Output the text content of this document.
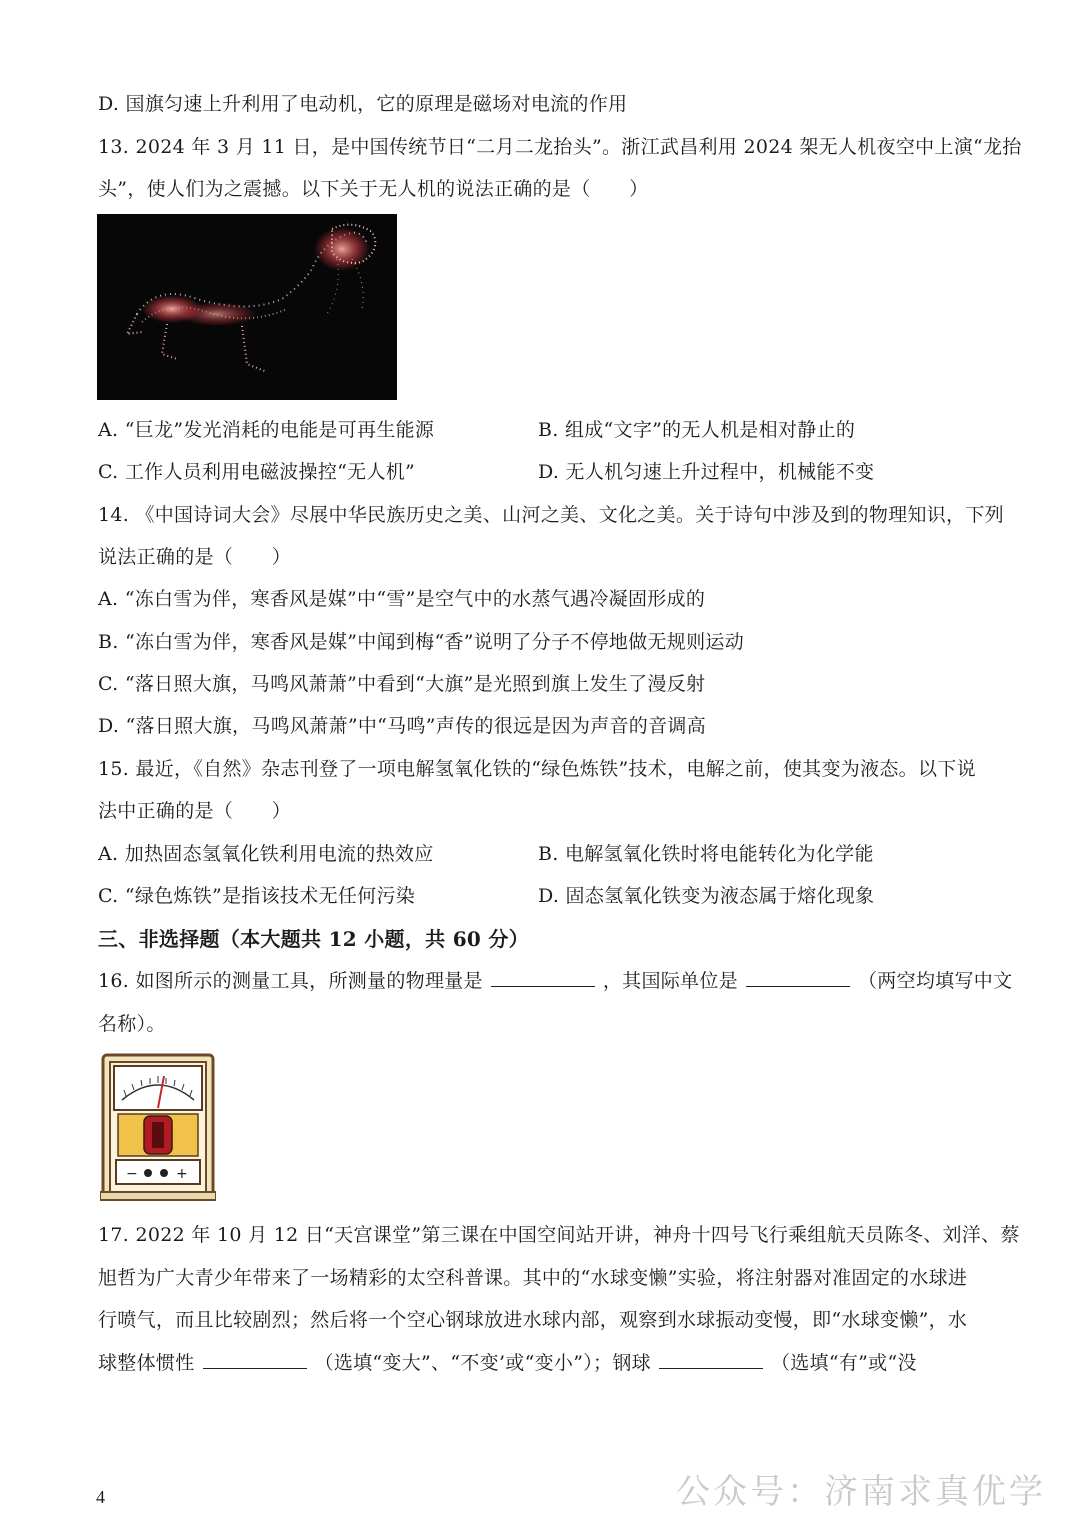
D. 国旗匀速上升利用了电动机，它的原理是磁场对电流的作用
13. 2024 年 3 月 11 日，是中国传统节日“二月二龙抬头”。浙江武昌利用 2024 架无人机夜空中上演“龙抬
头”，使人们为之震撼。以下关于无人机的说法正确的是（　　）
A. “巨龙”发光消耗的电能是可再生能源	B. 组成“文字”的无人机是相对静止的
C. 工作人员利用电磁波操控“无人机”	D. 无人机匀速上升过程中，机械能不变
14. 《中国诗词大会》尽展中华民族历史之美、山河之美、文化之美。关于诗句中涉及到的物理知识，下列
说法正确的是（　　）
A. “冻白雪为伴，寒香风是媒”中“雪”是空气中的水蒸气遇冷凝固形成的
B. “冻白雪为伴，寒香风是媒”中闻到梅“香”说明了分子不停地做无规则运动
C. “落日照大旗，马鸣风萧萧”中看到“大旗”是光照到旗上发生了漫反射
D. “落日照大旗，马鸣风萧萧”中“马鸣”声传的很远是因为声音的音调高
15. 最近，《自然》杂志刊登了一项电解氢氧化铁的“绿色炼铁”技术，电解之前，使其变为液态。以下说
法中正确的是（　　）
A. 加热固态氢氧化铁利用电流的热效应	B. 电解氢氧化铁时将电能转化为化学能
C. “绿色炼铁”是指该技术无任何污染	D. 固态氢氧化铁变为液态属于熔化现象
三、非选择题（本大题共 12 小题，共 60 分）
16. 如图所示的测量工具，所测量的物理量是	，其国际单位是	（两空均填写中文
名称）。
−	+
17. 2022 年 10 月 12 日“天宫课堂”第三课在中国空间站开讲，神舟十四号飞行乘组航天员陈冬、刘洋、蔡
旭哲为广大青少年带来了一场精彩的太空科普课。其中的“水球变懒”实验，将注射器对准固定的水球进
行喷气，而且比较剧烈；然后将一个空心钢球放进水球内部，观察到水球振动变慢，即“水球变懒”，水
球整体惯性	（选填“变大”、“不变’或“变小”）；钢球	（选填“有”或“没
4	公众号：济南求真优学
